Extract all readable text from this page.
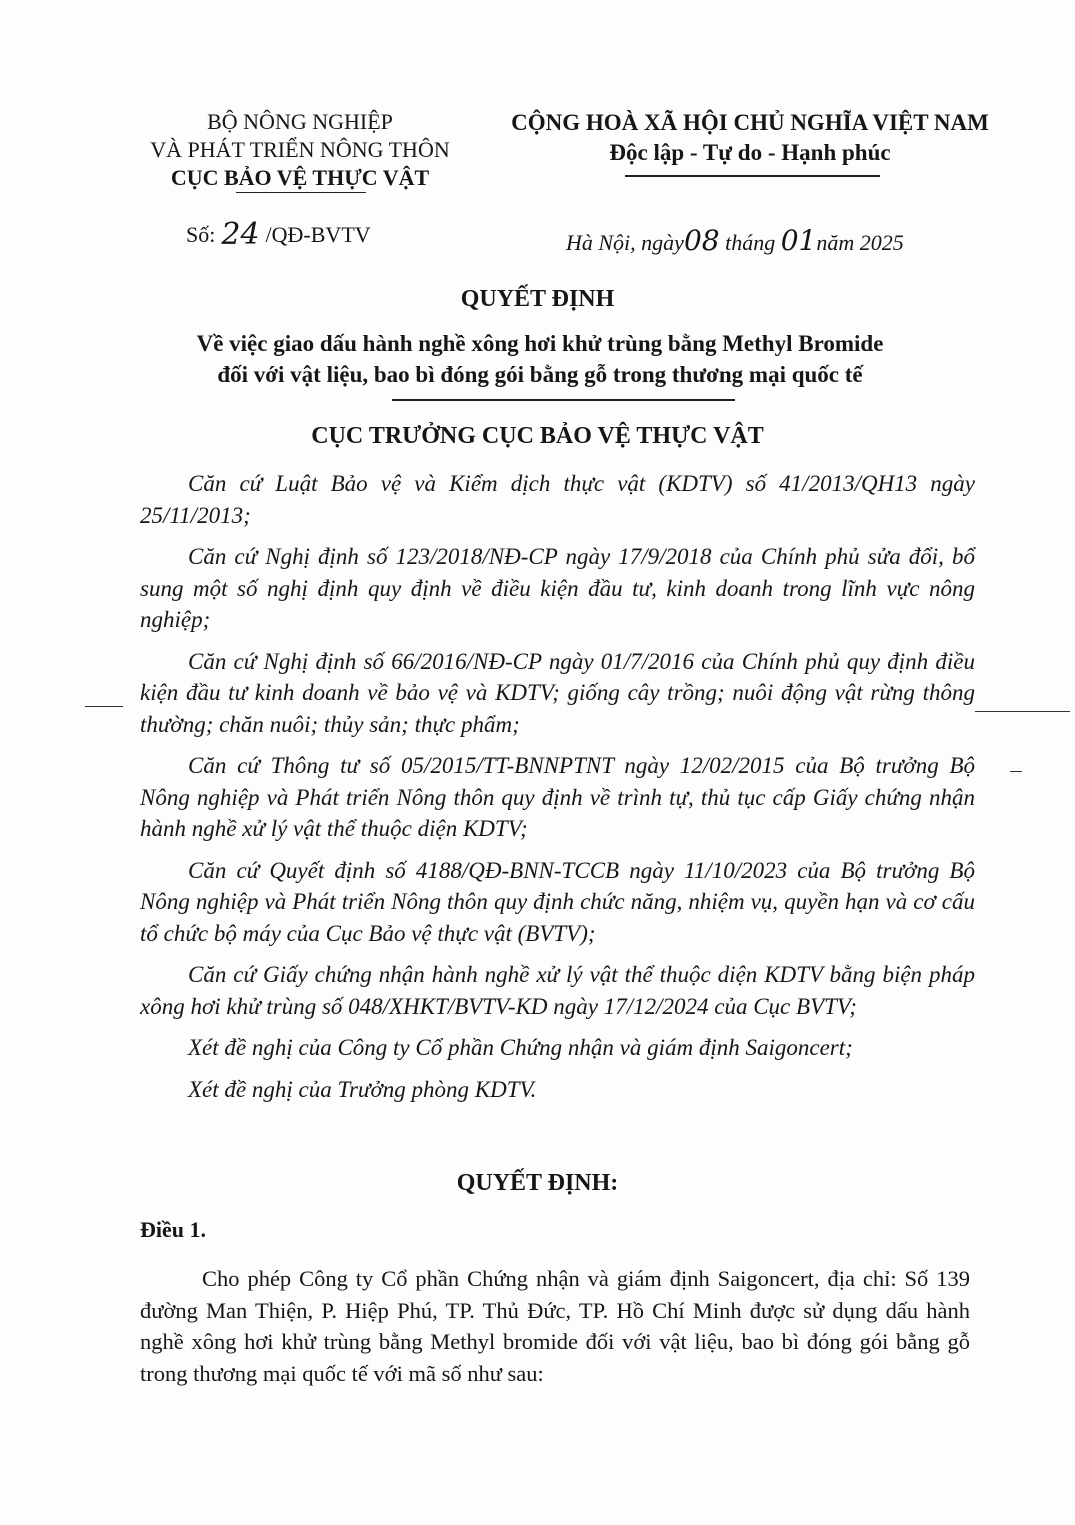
BỘ NÔNG NGHIỆP
VÀ PHÁT TRIỂN NÔNG THÔN
CỤC BẢO VỆ THỰC VẬT
CỘNG HOÀ XÃ HỘI CHỦ NGHĨA VIỆT NAM
Độc lập - Tự do - Hạnh phúc
Số: 24 /QĐ-BVTV	Hà Nội, ngày08 tháng 01năm 2025
QUYẾT ĐỊNH
Về việc giao dấu hành nghề xông hơi khử trùng bằng Methyl Bromide
đối với vật liệu, bao bì đóng gói bằng gỗ trong thương mại quốc tế
CỤC TRƯỞNG CỤC BẢO VỆ THỰC VẬT

Căn cứ Luật Bảo vệ và Kiểm dịch thực vật (KDTV) số 41/2013/QH13 ngày 25/11/2013;

Căn cứ Nghị định số 123/2018/NĐ-CP ngày 17/9/2018 của Chính phủ sửa đổi, bổ sung một số nghị định quy định về điều kiện đầu tư, kinh doanh trong lĩnh vực nông nghiệp;

Căn cứ Nghị định số 66/2016/NĐ-CP ngày 01/7/2016 của Chính phủ quy định điều kiện đầu tư kinh doanh về bảo vệ và KDTV; giống cây trồng; nuôi động vật rừng thông thường; chăn nuôi; thủy sản; thực phẩm;

Căn cứ Thông tư số 05/2015/TT-BNNPTNT ngày 12/02/2015 của Bộ trưởng Bộ Nông nghiệp và Phát triển Nông thôn quy định về trình tự, thủ tục cấp Giấy chứng nhận hành nghề xử lý vật thể thuộc diện KDTV;

Căn cứ Quyết định số 4188/QĐ-BNN-TCCB ngày 11/10/2023 của Bộ trưởng Bộ Nông nghiệp và Phát triển Nông thôn quy định chức năng, nhiệm vụ, quyền hạn và cơ cấu tổ chức bộ máy của Cục Bảo vệ thực vật (BVTV);

Căn cứ Giấy chứng nhận hành nghề xử lý vật thể thuộc diện KDTV bằng biện pháp xông hơi khử trùng số 048/XHKT/BVTV-KD ngày 17/12/2024 của Cục BVTV;

Xét đề nghị của Công ty Cổ phần Chứng nhận và giám định Saigoncert;

Xét đề nghị của Trưởng phòng KDTV.

QUYẾT ĐỊNH:
Điều 1.
Cho phép Công ty Cổ phần Chứng nhận và giám định Saigoncert, địa chỉ: Số 139 đường Man Thiện, P. Hiệp Phú, TP. Thủ Đức, TP. Hồ Chí Minh được sử dụng dấu hành nghề xông hơi khử trùng bằng Methyl bromide đối với vật liệu, bao bì đóng gói bằng gỗ trong thương mại quốc tế với mã số như sau:
